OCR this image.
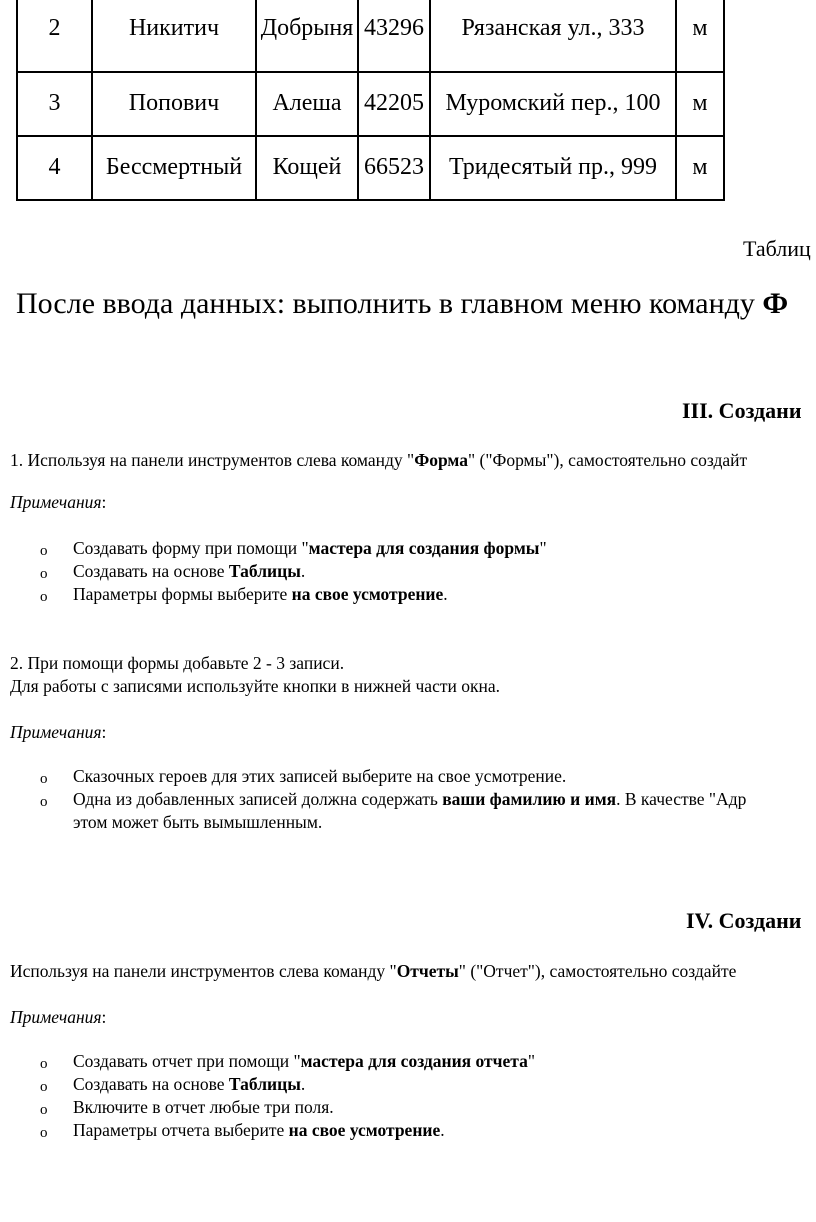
2	Никитич	Добрыня	43296	Рязанская ул., 333	м

3	Попович	Алеша	42205	Муромский пер., 100	м

4	Бессмертный	Кощей	66523	Тридесятый пр., 999	м
Таблиц
После ввода данных: выполнить в главном меню команду Ф
III. Создани
1. Используя на панели инструментов слева команду "Форма" ("Формы"), самостоятельно создайт
Примечания:
o Создавать форму при помощи "мастера для создания формы"
o Создавать на основе Таблицы.
o Параметры формы выберите на свое усмотрение.
2. При помощи формы добавьте 2 - 3 записи.
Для работы с записями используйте кнопки в нижней части окна.
Примечания:
o Сказочных героев для этих записей выберите на свое усмотрение.
o Одна из добавленных записей должна содержать ваши фамилию и имя. В качестве "Адр
этом может быть вымышленным.
IV. Создани
Используя на панели инструментов слева команду "Отчеты" ("Отчет"), самостоятельно создайте
Примечания:
o Создавать отчет при помощи "мастера для создания отчета"
o Создавать на основе Таблицы.
o Включите в отчет любые три поля.
o Параметры отчета выберите на свое усмотрение.
